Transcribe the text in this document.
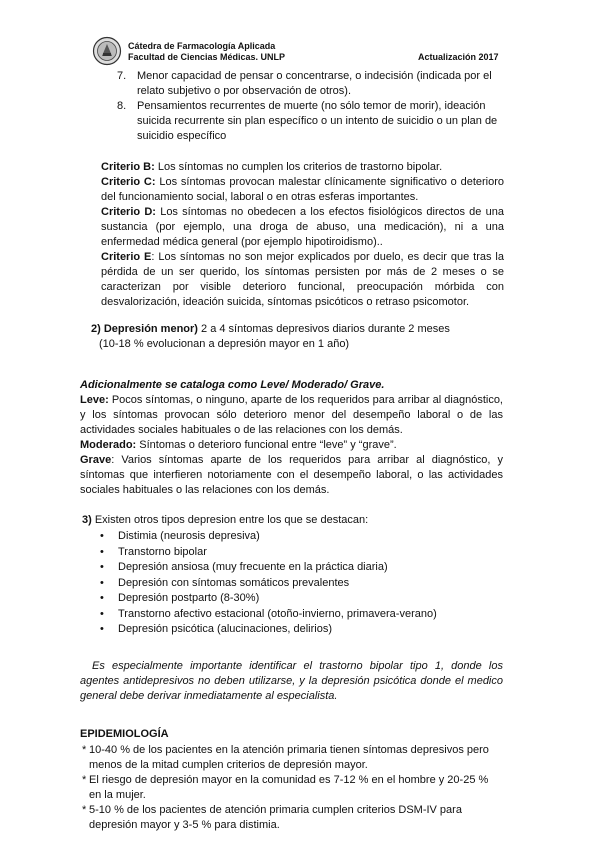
Cátedra de Farmacología Aplicada
Facultad de Ciencias Médicas. UNLP	Actualización 2017
7. Menor capacidad de pensar o concentrarse, o indecisión (indicada por el relato subjetivo o por observación de otros).
8. Pensamientos recurrentes de muerte (no sólo temor de morir), ideación suicida recurrente sin plan específico o un intento de suicidio o un plan de suicidio específico
Criterio B: Los síntomas no cumplen los criterios de trastorno bipolar.
Criterio C: Los síntomas provocan malestar clínicamente significativo o deterioro del funcionamiento social, laboral o en otras esferas importantes.
Criterio D: Los síntomas no obedecen a los efectos fisiológicos directos de una sustancia (por ejemplo, una droga de abuso, una medicación), ni a una enfermedad médica general (por ejemplo hipotiroidismo)..
Criterio E: Los síntomas no son mejor explicados por duelo, es decir que tras la pérdida de un ser querido, los síntomas persisten por más de 2 meses o se caracterizan por visible deterioro funcional, preocupación mórbida con desvalorización, ideación suicida, síntomas psicóticos o retraso psicomotor.
2) Depresión menor) 2 a 4 síntomas depresivos diarios durante 2 meses
(10-18 % evolucionan a depresión mayor en 1 año)
Adicionalmente se cataloga como Leve/ Moderado/ Grave.
Leve: Pocos síntomas, o ninguno, aparte de los requeridos para arribar al diagnóstico, y los síntomas provocan sólo deterioro menor del desempeño laboral o de las actividades sociales habituales o de las relaciones con los demás.
Moderado: Síntomas o deterioro funcional entre “leve” y “grave”.
Grave: Varios síntomas aparte de los requeridos para arribar al diagnóstico, y síntomas que interfieren notoriamente con el desempeño laboral, o las actividades sociales habituales o las relaciones con los demás.
3) Existen otros tipos depresion entre los que se destacan:
• Distimia (neurosis depresiva)
• Transtorno bipolar
• Depresión ansiosa (muy frecuente en la práctica diaria)
• Depresión con síntomas somáticos prevalentes
• Depresión postparto (8-30%)
• Transtorno afectivo estacional (otoño-invierno, primavera-verano)
• Depresión psicótica (alucinaciones, delirios)
Es especialmente importante identificar el trastorno bipolar tipo 1, donde los agentes antidepresivos no deben utilizarse, y la depresión psicótica donde el medico general debe derivar inmediatamente al especialista.
EPIDEMIOLOGÍA
* 10-40 % de los pacientes en la atención primaria tienen síntomas depresivos pero menos de la mitad cumplen criterios de depresión mayor.
* El riesgo de depresión mayor en la comunidad es 7-12 % en el hombre y 20-25 % en la mujer.
* 5-10 % de los pacientes de atención primaria cumplen criterios DSM-IV para depresión mayor y 3-5 % para distimia.
